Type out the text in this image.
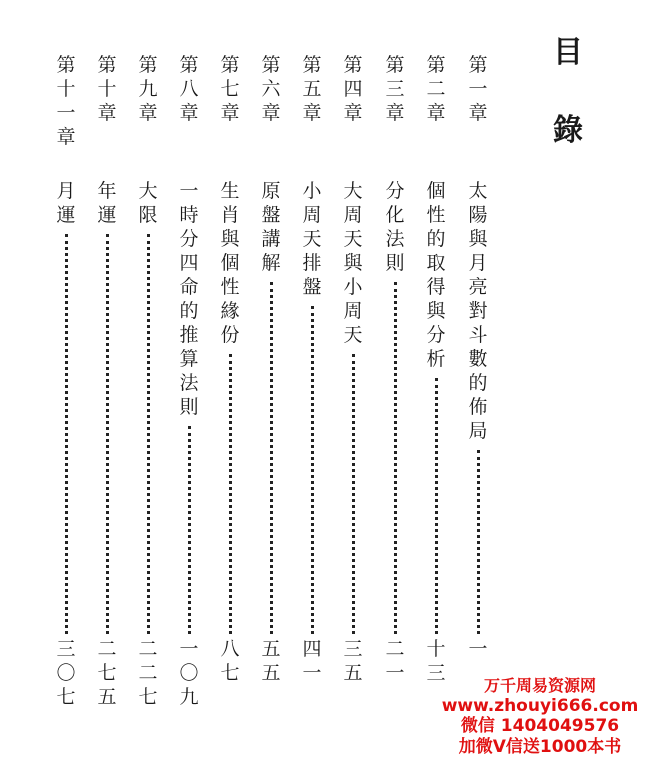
目
錄
第
一
章
太
陽
與
月
亮
對
斗
數
的
佈
局
一
第
二
章
個
性
的
取
得
與
分
析
十
三
第
三
章
分
化
法
則
二
一
第
四
章
大
周
天
與
小
周
天
三
五
第
五
章
小
周
天
排
盤
四
一
第
六
章
原
盤
講
解
五
五
第
七
章
生
肖
與
個
性
緣
份
八
七
第
八
章
一
時
分
四
命
的
推
算
法
則
一
〇
九
第
九
章
大
限
二
二
七
第
十
章
年
運
二
七
五
第
十
一
章
月
運
三
〇
七
万千周易资源网
www.zhouyi666.com
微信 1404049576
加微V信送1000本书
